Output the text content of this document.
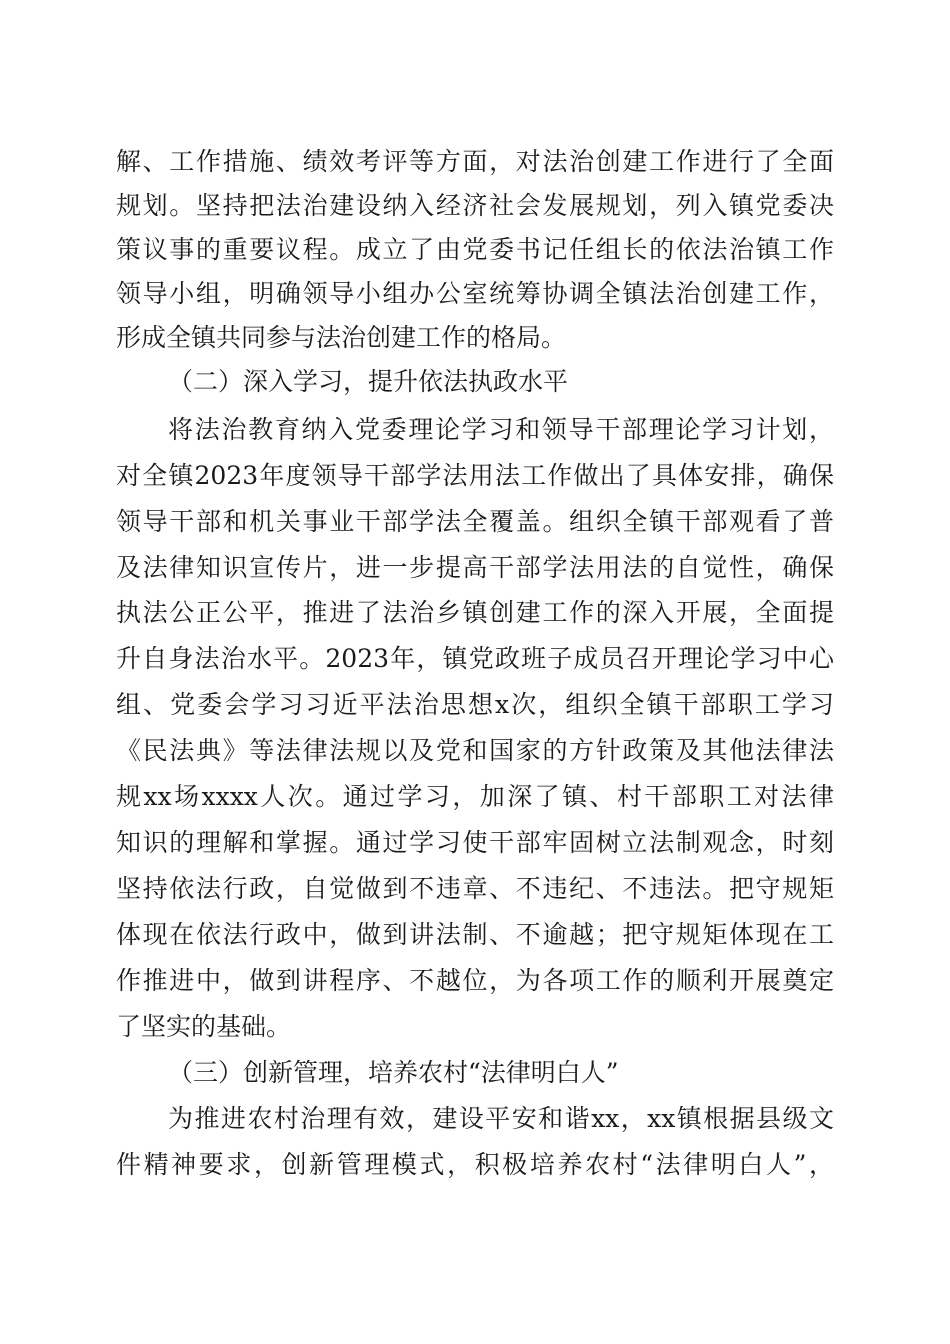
解、工作措施、绩效考评等方面，对法治创建工作进行了全面
规划。坚持把法治建设纳入经济社会发展规划，列入镇党委决
策议事的重要议程。成立了由党委书记任组长的依法治镇工作
领导小组，明确领导小组办公室统筹协调全镇法治创建工作，
形成全镇共同参与法治创建工作的格局。
（二）深入学习，提升依法执政水平
将法治教育纳入党委理论学习和领导干部理论学习计划，
对全镇2023年度领导干部学法用法工作做出了具体安排，确保
领导干部和机关事业干部学法全覆盖。组织全镇干部观看了普
及法律知识宣传片，进一步提高干部学法用法的自觉性，确保
执法公正公平，推进了法治乡镇创建工作的深入开展，全面提
升自身法治水平。2023年，镇党政班子成员召开理论学习中心
组、党委会学习习近平法治思想x次，组织全镇干部职工学习
《民法典》等法律法规以及党和国家的方针政策及其他法律法
规xx场xxxx人次。通过学习，加深了镇、村干部职工对法律
知识的理解和掌握。通过学习使干部牢固树立法制观念，时刻
坚持依法行政，自觉做到不违章、不违纪、不违法。把守规矩
体现在依法行政中，做到讲法制、不逾越；把守规矩体现在工
作推进中，做到讲程序、不越位，为各项工作的顺利开展奠定
了坚实的基础。
（三）创新管理，培养农村“法律明白人”
为推进农村治理有效，建设平安和谐xx，xx镇根据县级文
件精神要求，创新管理模式，积极培养农村“法律明白人”，
